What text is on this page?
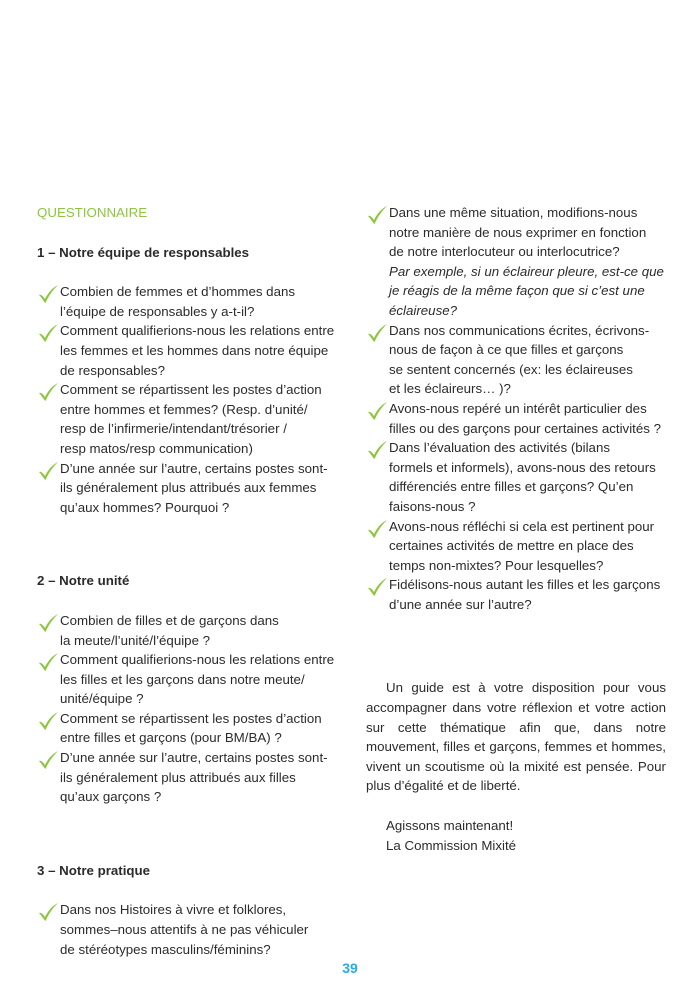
QUESTIONNAIRE

1 – Notre équipe de responsables

Combien de femmes et d’hommes dans

l’équipe de responsables y a-t-il?

Comment qualifierions-nous les relations entre

les femmes et les hommes dans notre équipe

de responsables?

Comment se répartissent les postes d’action

entre hommes et femmes? (Resp. d’unité/

resp de l’infirmerie/intendant/trésorier /

resp matos/resp communication)

D’une année sur l’autre, certains postes sont-

ils généralement plus attribués aux femmes

qu’aux hommes? Pourquoi ?

2 – Notre unité

Combien de filles et de garçons dans

la meute/l’unité/l’équipe ?

Comment qualifierions-nous les relations entre

les filles et les garçons dans notre meute/

unité/équipe ?

Comment se répartissent les postes d’action

entre filles et garçons (pour BM/BA) ?

D’une année sur l’autre, certains postes sont-

ils généralement plus attribués aux filles

qu’aux garçons ?

3 – Notre pratique

Dans nos Histoires à vivre et folklores,

sommes–nous attentifs à ne pas véhiculer

de stéréotypes masculins/féminins?

Dans une même situation, modifions-nous

notre manière de nous exprimer en fonction

de notre interlocuteur ou interlocutrice?

Par exemple, si un éclaireur pleure, est-ce que

je réagis de la même façon que si c’est une

éclaireuse?

Dans nos communications écrites, écrivons-

nous de façon à ce que filles et garçons

se sentent concernés (ex: les éclaireuses

et les éclaireurs… )?

Avons-nous repéré un intérêt particulier des

filles ou des garçons pour certaines activités ?

Dans l’évaluation des activités (bilans

formels et informels), avons-nous des retours

différenciés entre filles et garçons? Qu’en

faisons-nous ?

Avons-nous réfléchi si cela est pertinent pour

certaines activités de mettre en place des

temps non-mixtes? Pour lesquelles?

Fidélisons-nous autant les filles et les garçons

d’une année sur l’autre?

Un guide est à votre disposition pour vous accompagner dans votre réflexion et votre action sur cette thématique afin que, dans notre mouvement, filles et garçons, femmes et hommes, vivent un scoutisme où la mixité est pensée. Pour plus d’égalité et de liberté.

Agissons maintenant!

La Commission Mixité

39
